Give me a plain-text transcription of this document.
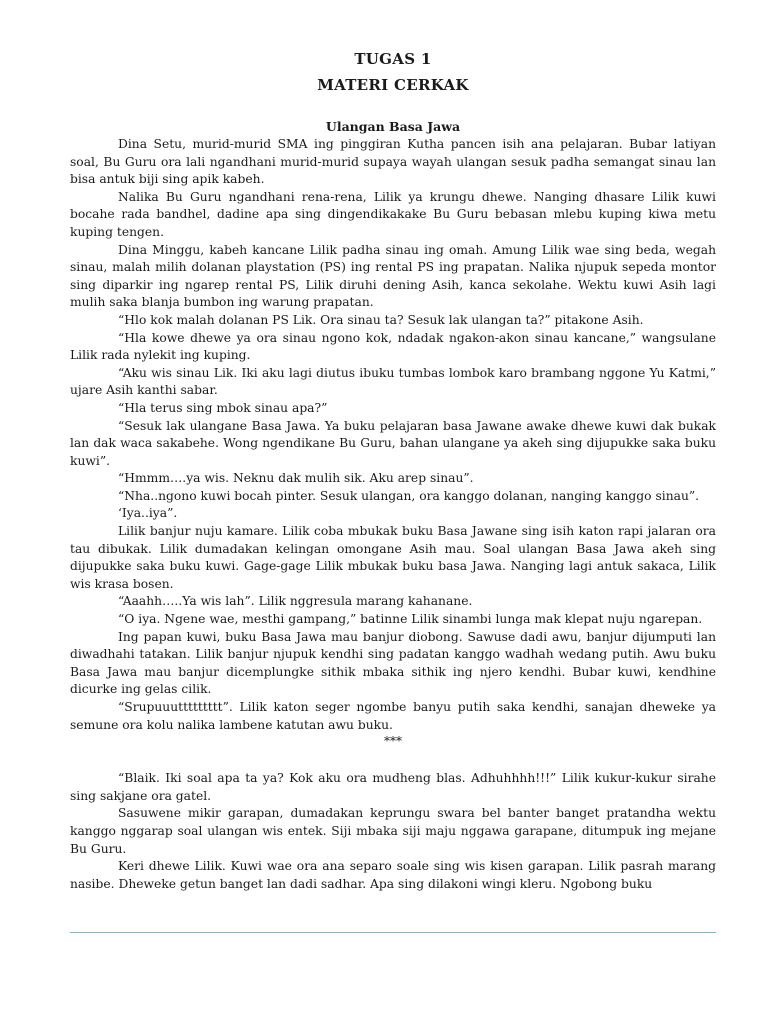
TUGAS 1

MATERI CERKAK

Ulangan Basa Jawa

Dina Setu, murid-murid SMA ing pinggiran Kutha pancen isih ana pelajaran. Bubar latiyan soal, Bu Guru ora lali ngandhani murid-murid supaya wayah ulangan sesuk padha semangat sinau lan bisa antuk biji sing apik kabeh.

Nalika Bu Guru ngandhani rena-rena, Lilik ya krungu dhewe. Nanging dhasare Lilik kuwi bocahe rada bandhel, dadine apa sing dingendikakake Bu Guru bebasan mlebu kuping kiwa metu kuping tengen.

Dina Minggu, kabeh kancane Lilik padha sinau ing omah. Amung Lilik wae sing beda, wegah sinau, malah milih dolanan playstation (PS) ing rental PS ing prapatan. Nalika njupuk sepeda montor sing diparkir ing ngarep rental PS, Lilik diruhi dening Asih, kanca sekolahe. Wektu kuwi Asih lagi mulih saka blanja bumbon ing warung prapatan.

“Hlo kok malah dolanan PS Lik. Ora sinau ta? Sesuk lak ulangan ta?” pitakone Asih.

“Hla kowe dhewe ya ora sinau ngono kok, ndadak ngakon-akon sinau kancane,” wangsulane Lilik rada nylekit ing kuping.

“Aku wis sinau Lik. Iki aku lagi diutus ibuku tumbas lombok karo brambang nggone Yu Katmi,” ujare Asih kanthi sabar.

“Hla terus sing mbok sinau apa?”

“Sesuk lak ulangane Basa Jawa. Ya buku pelajaran basa Jawane awake dhewe kuwi dak bukak lan dak waca sakabehe. Wong ngendikane Bu Guru, bahan ulangane ya akeh sing dijupukke saka buku kuwi”.

“Hmmm….ya wis. Neknu dak mulih sik. Aku arep sinau”.

“Nha..ngono kuwi bocah pinter. Sesuk ulangan, ora kanggo dolanan, nanging kanggo sinau”.

‘Iya..iya”.

Lilik banjur nuju kamare. Lilik coba mbukak buku Basa Jawane sing isih katon rapi jalaran ora tau dibukak. Lilik dumadakan kelingan omongane Asih mau. Soal ulangan Basa Jawa akeh sing dijupukke saka buku kuwi. Gage-gage Lilik mbukak buku basa Jawa. Nanging lagi antuk sakaca, Lilik wis krasa bosen.

“Aaahh…..Ya wis lah”. Lilik nggresula marang kahanane.

“O iya. Ngene wae, mesthi gampang,” batinne Lilik sinambi lunga mak klepat nuju ngarepan.

Ing papan kuwi, buku Basa Jawa mau banjur diobong. Sawuse dadi awu, banjur dijumputi lan diwadhahi tatakan. Lilik banjur njupuk kendhi sing padatan kanggo wadhah wedang putih. Awu buku Basa Jawa mau banjur dicemplungke sithik mbaka sithik ing njero kendhi. Bubar kuwi, kendhine dicurke ing gelas cilik.

“Srupuuuttttttttt”. Lilik katon seger ngombe banyu putih saka kendhi, sanajan dheweke ya semune ora kolu nalika lambene katutan awu buku.

***

“Blaik. Iki soal apa ta ya? Kok aku ora mudheng blas. Adhuhhhh!!!” Lilik kukur-kukur sirahe sing sakjane ora gatel.

Sasuwene mikir garapan, dumadakan keprungu swara bel banter banget pratandha wektu kanggo nggarap soal ulangan wis entek. Siji mbaka siji maju nggawa garapane, ditumpuk ing mejane Bu Guru.

Keri dhewe Lilik. Kuwi wae ora ana separo soale sing wis kisen garapan. Lilik pasrah marang nasibe. Dheweke getun banget lan dadi sadhar. Apa sing dilakoni wingi kleru. Ngobong buku
